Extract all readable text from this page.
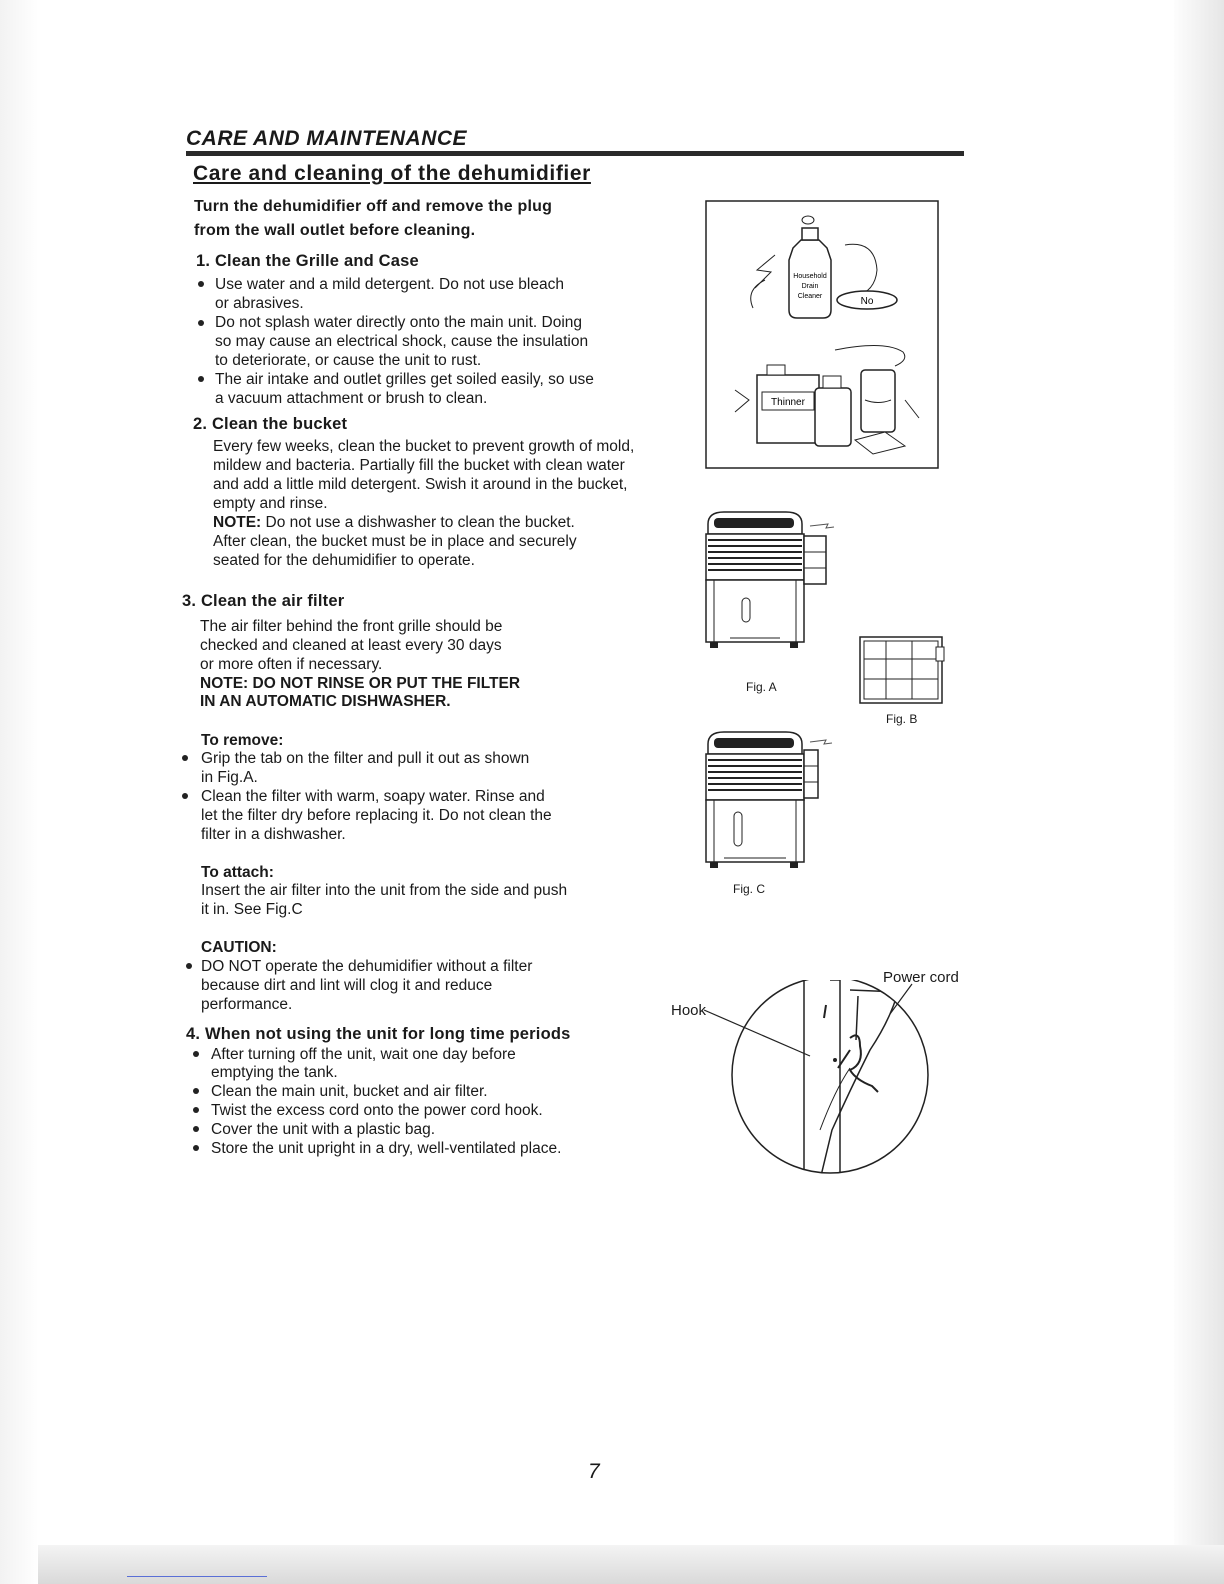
CARE AND MAINTENANCE
Care and cleaning of the dehumidifier
Turn the dehumidifier off and remove the plug
from the wall outlet before cleaning.
1. Clean the Grille and Case
Use water and a mild detergent. Do not use bleach
or abrasives.
Do not splash water directly onto the main unit. Doing
so may cause an electrical shock, cause the insulation
to deteriorate, or cause the unit to rust.
The air intake and outlet grilles get soiled easily, so use
a vacuum attachment or brush to clean.
2. Clean the bucket
Every few weeks, clean the bucket to prevent growth of mold,
mildew and bacteria. Partially fill the bucket with clean water
and add a little mild detergent. Swish it around in the bucket,
empty and rinse.
NOTE: Do not use a dishwasher to clean the bucket.
After clean, the bucket must be in place and securely
seated for the dehumidifier to operate.
3. Clean the air filter
The air filter behind the front grille should be
checked and cleaned at least every 30 days
or more often if necessary.
NOTE: DO NOT RINSE OR PUT THE FILTER
IN AN AUTOMATIC DISHWASHER.
To remove:
Grip the tab on the filter and pull it out as shown
in Fig.A.
Clean the filter with warm, soapy water. Rinse and
let the filter dry before replacing it. Do not clean the
filter in a dishwasher.
To attach:
Insert the air filter into the unit from the side and push
it in. See Fig.C
CAUTION:
DO NOT operate the dehumidifier without a filter
because dirt and lint will clog it and reduce
performance.
4. When not using the unit for long time periods
After turning off the unit, wait one day before
emptying the tank.
Clean the main unit, bucket and air filter.
Twist the excess cord onto the power cord hook.
Cover the unit with a plastic bag.
Store the unit upright in a dry, well-ventilated place.
Household
Drain
Cleaner	No
Thinner
Fig. A
Fig. B
Fig. C
Power cord
Hook
7
